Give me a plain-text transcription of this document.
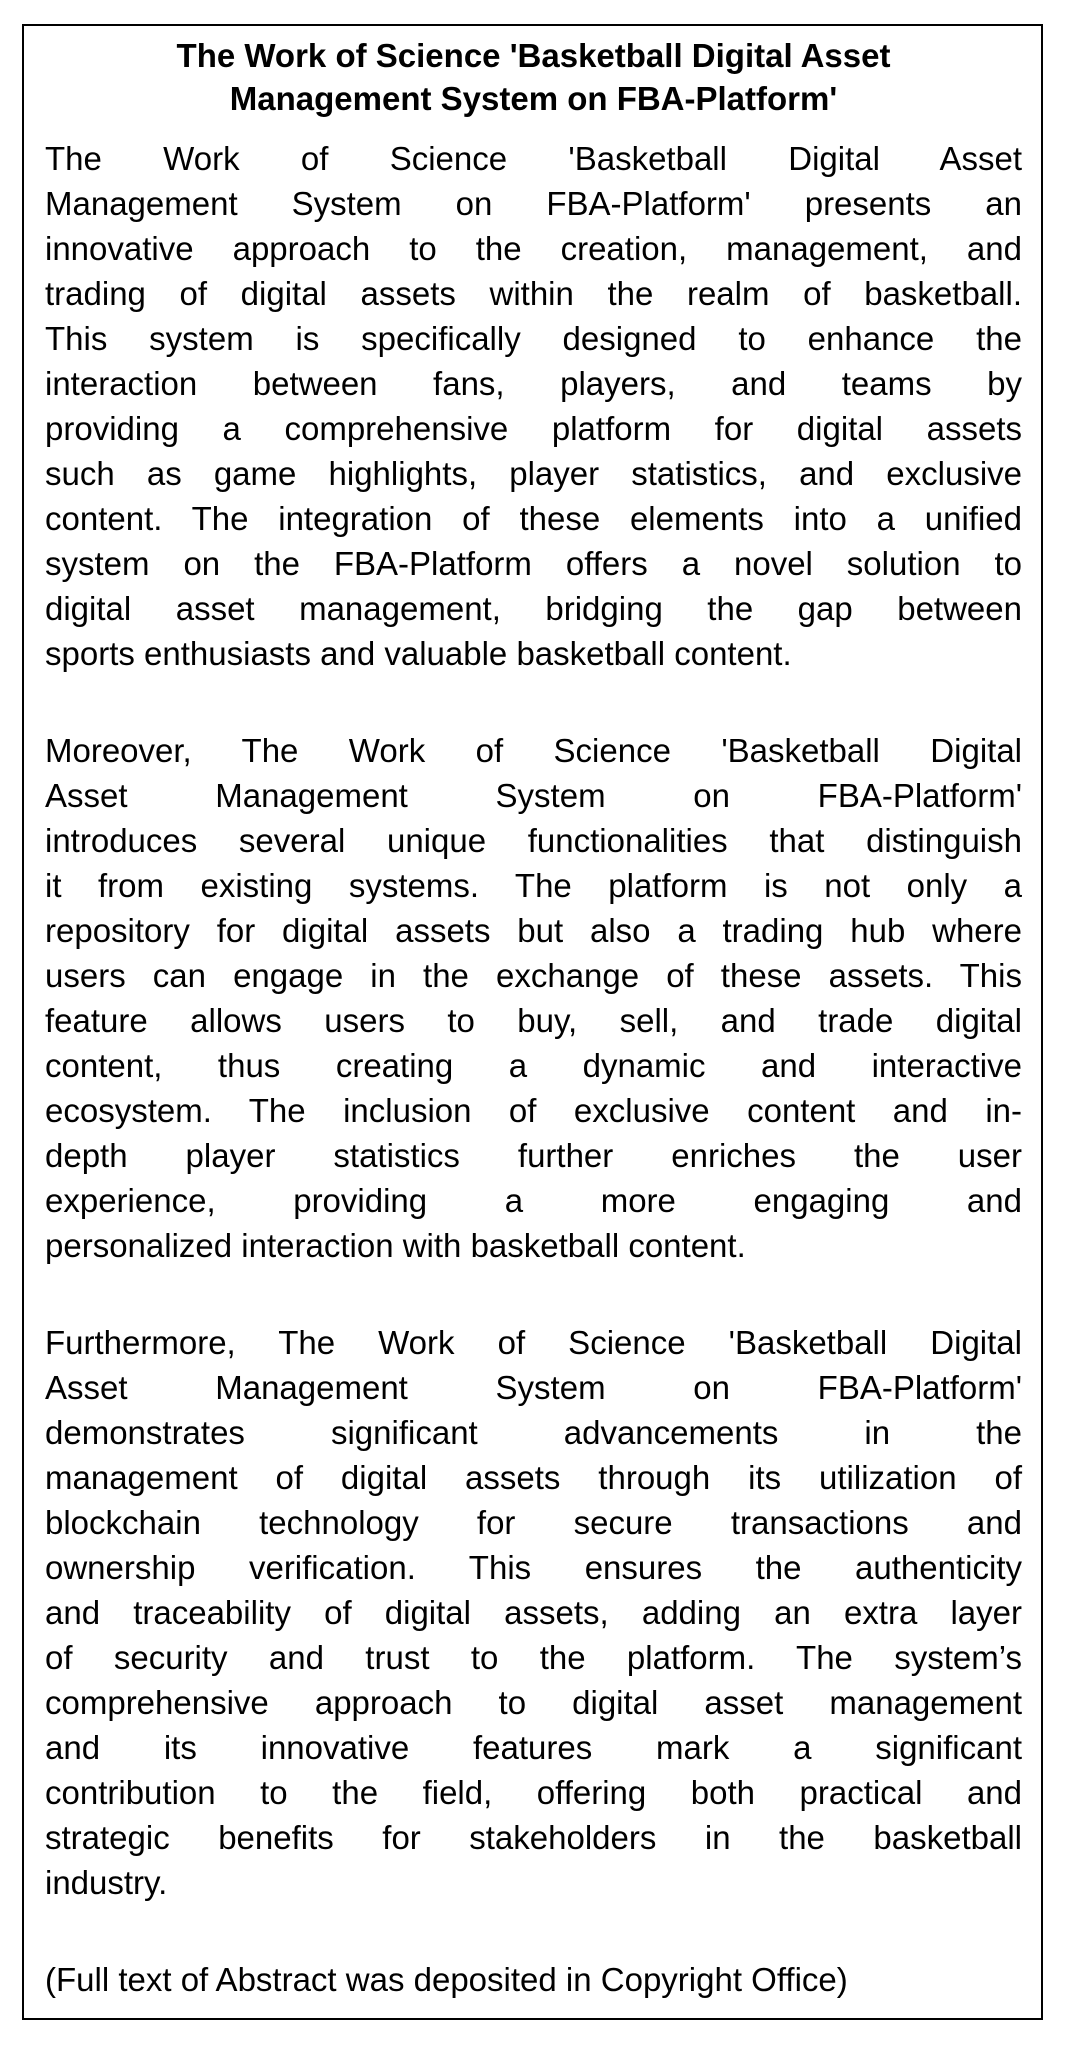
The Work of Science 'Basketball Digital Asset
Management System on FBA-Platform'
The Work of Science 'Basketball Digital Asset
Management System on FBA-Platform' presents an
innovative approach to the creation, management, and
trading of digital assets within the realm of basketball.
This system is specifically designed to enhance the
interaction between fans, players, and teams by
providing a comprehensive platform for digital assets
such as game highlights, player statistics, and exclusive
content. The integration of these elements into a unified
system on the FBA-Platform offers a novel solution to
digital asset management, bridging the gap between
sports enthusiasts and valuable basketball content.
Moreover, The Work of Science 'Basketball Digital
Asset Management System on FBA-Platform'
introduces several unique functionalities that distinguish
it from existing systems. The platform is not only a
repository for digital assets but also a trading hub where
users can engage in the exchange of these assets. This
feature allows users to buy, sell, and trade digital
content, thus creating a dynamic and interactive
ecosystem. The inclusion of exclusive content and in-
depth player statistics further enriches the user
experience, providing a more engaging and
personalized interaction with basketball content.
Furthermore, The Work of Science 'Basketball Digital
Asset Management System on FBA-Platform'
demonstrates significant advancements in the
management of digital assets through its utilization of
blockchain technology for secure transactions and
ownership verification. This ensures the authenticity
and traceability of digital assets, adding an extra layer
of security and trust to the platform. The system’s
comprehensive approach to digital asset management
and its innovative features mark a significant
contribution to the field, offering both practical and
strategic benefits for stakeholders in the basketball
industry.
(Full text of Abstract was deposited in Copyright Office)
